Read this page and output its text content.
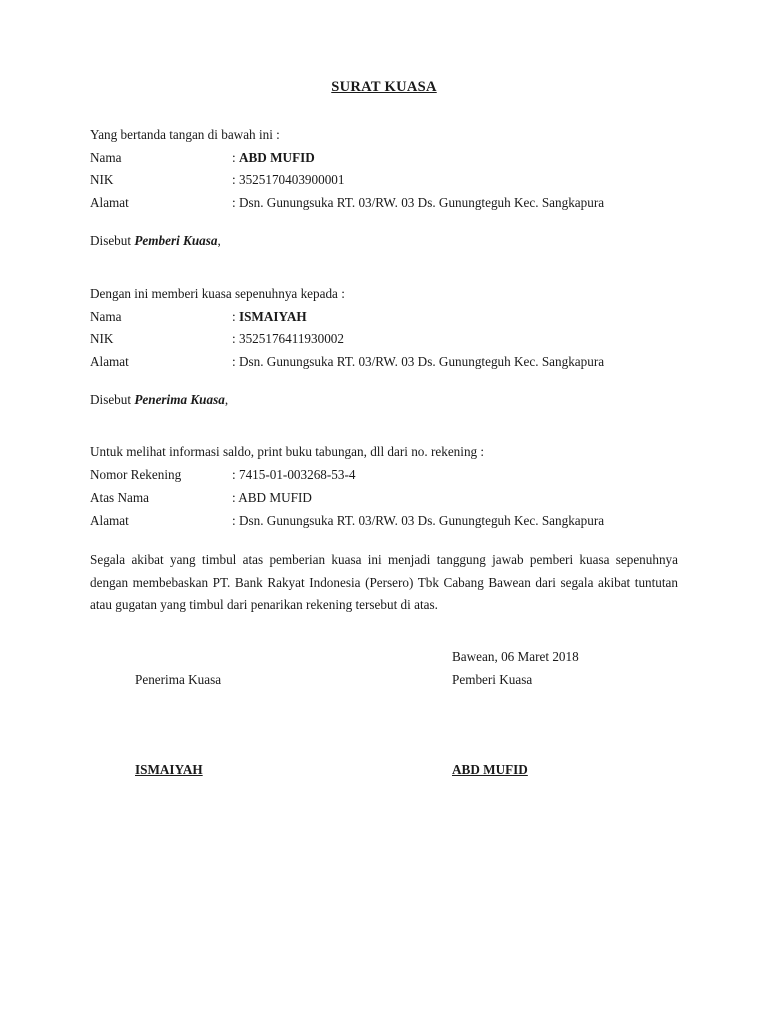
SURAT KUASA
Yang bertanda tangan di bawah ini :
Nama	: ABD MUFID
NIK	: 3525170403900001
Alamat	: Dsn. Gunungsuka RT. 03/RW. 03 Ds. Gunungteguh Kec. Sangkapura
Disebut Pemberi Kuasa,
Dengan ini memberi kuasa sepenuhnya kepada :
Nama	: ISMAIYAH
NIK	: 3525176411930002
Alamat	: Dsn. Gunungsuka RT. 03/RW. 03 Ds. Gunungteguh Kec. Sangkapura
Disebut Penerima Kuasa,
Untuk melihat informasi saldo, print buku tabungan, dll dari no. rekening :
Nomor Rekening	: 7415-01-003268-53-4
Atas Nama	: ABD MUFID
Alamat	: Dsn. Gunungsuka RT. 03/RW. 03 Ds. Gunungteguh Kec. Sangkapura
Segala akibat yang timbul atas pemberian kuasa ini menjadi tanggung jawab pemberi kuasa sepenuhnya dengan membebaskan PT. Bank Rakyat Indonesia (Persero) Tbk Cabang Bawean dari segala akibat tuntutan atau gugatan yang timbul dari penarikan rekening tersebut di atas.
Bawean, 06 Maret 2018
Penerima Kuasa	Pemberi Kuasa
ISMAIYAH	ABD MUFID
